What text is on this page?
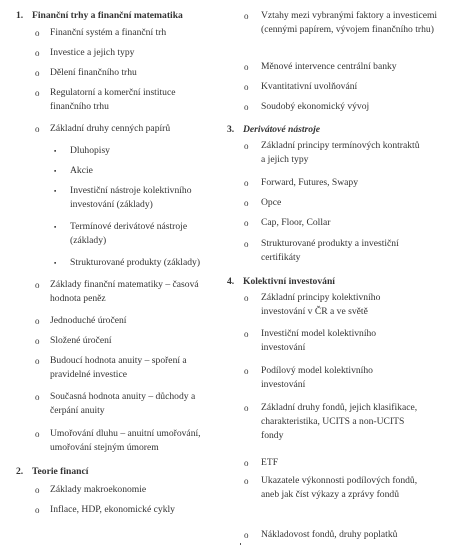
1. Finanční trhy a finanční matematika
o Finanční systém a finanční trh
o Investice a jejich typy
o Dělení finančního trhu
o Regulatorní a komerční instituce finančního trhu
o Základní druhy cenných papírů
▪ Dluhopisy
▪ Akcie
▪ Investiční nástroje kolektivního investování (základy)
▪ Termínové derivátové nástroje (základy)
▪ Strukturované produkty (základy)
o Základy finanční matematiky – časová hodnota peněz
o Jednoduché úročení
o Složené úročení
o Budoucí hodnota anuity – spoření a pravidelné investice
o Současná hodnota anuity – důchody a čerpání anuity
o Umořování dluhu – anuitní umořování, umořování stejným úmorem
2. Teorie financí
o Základy makroekonomie
o Inflace, HDP, ekonomické cykly
o Vztahy mezi vybranými faktory a investicemi (cennými papírem, vývojem finančního trhu)
o Měnové intervence centrální banky
o Kvantitativní uvolňování
o Soudobý ekonomický vývoj
3. Derivátové nástroje
o Základní principy termínových kontraktů a jejich typy
o Forward, Futures, Swapy
o Opce
o Cap, Floor, Collar
o Strukturované produkty a investiční certifikáty
4. Kolektivní investování
o Základní principy kolektivního investování v ČR a ve světě
o Investiční model kolektivního investování
o Podílový model kolektivního investování
o Základní druhy fondů, jejich klasifikace, charakteristika, UCITS a non-UCITS fondy
o ETF
o Ukazatele výkonnosti podílových fondů, aneb jak číst výkazy a zprávy fondů
o Nákladovost fondů, druhy poplatků
